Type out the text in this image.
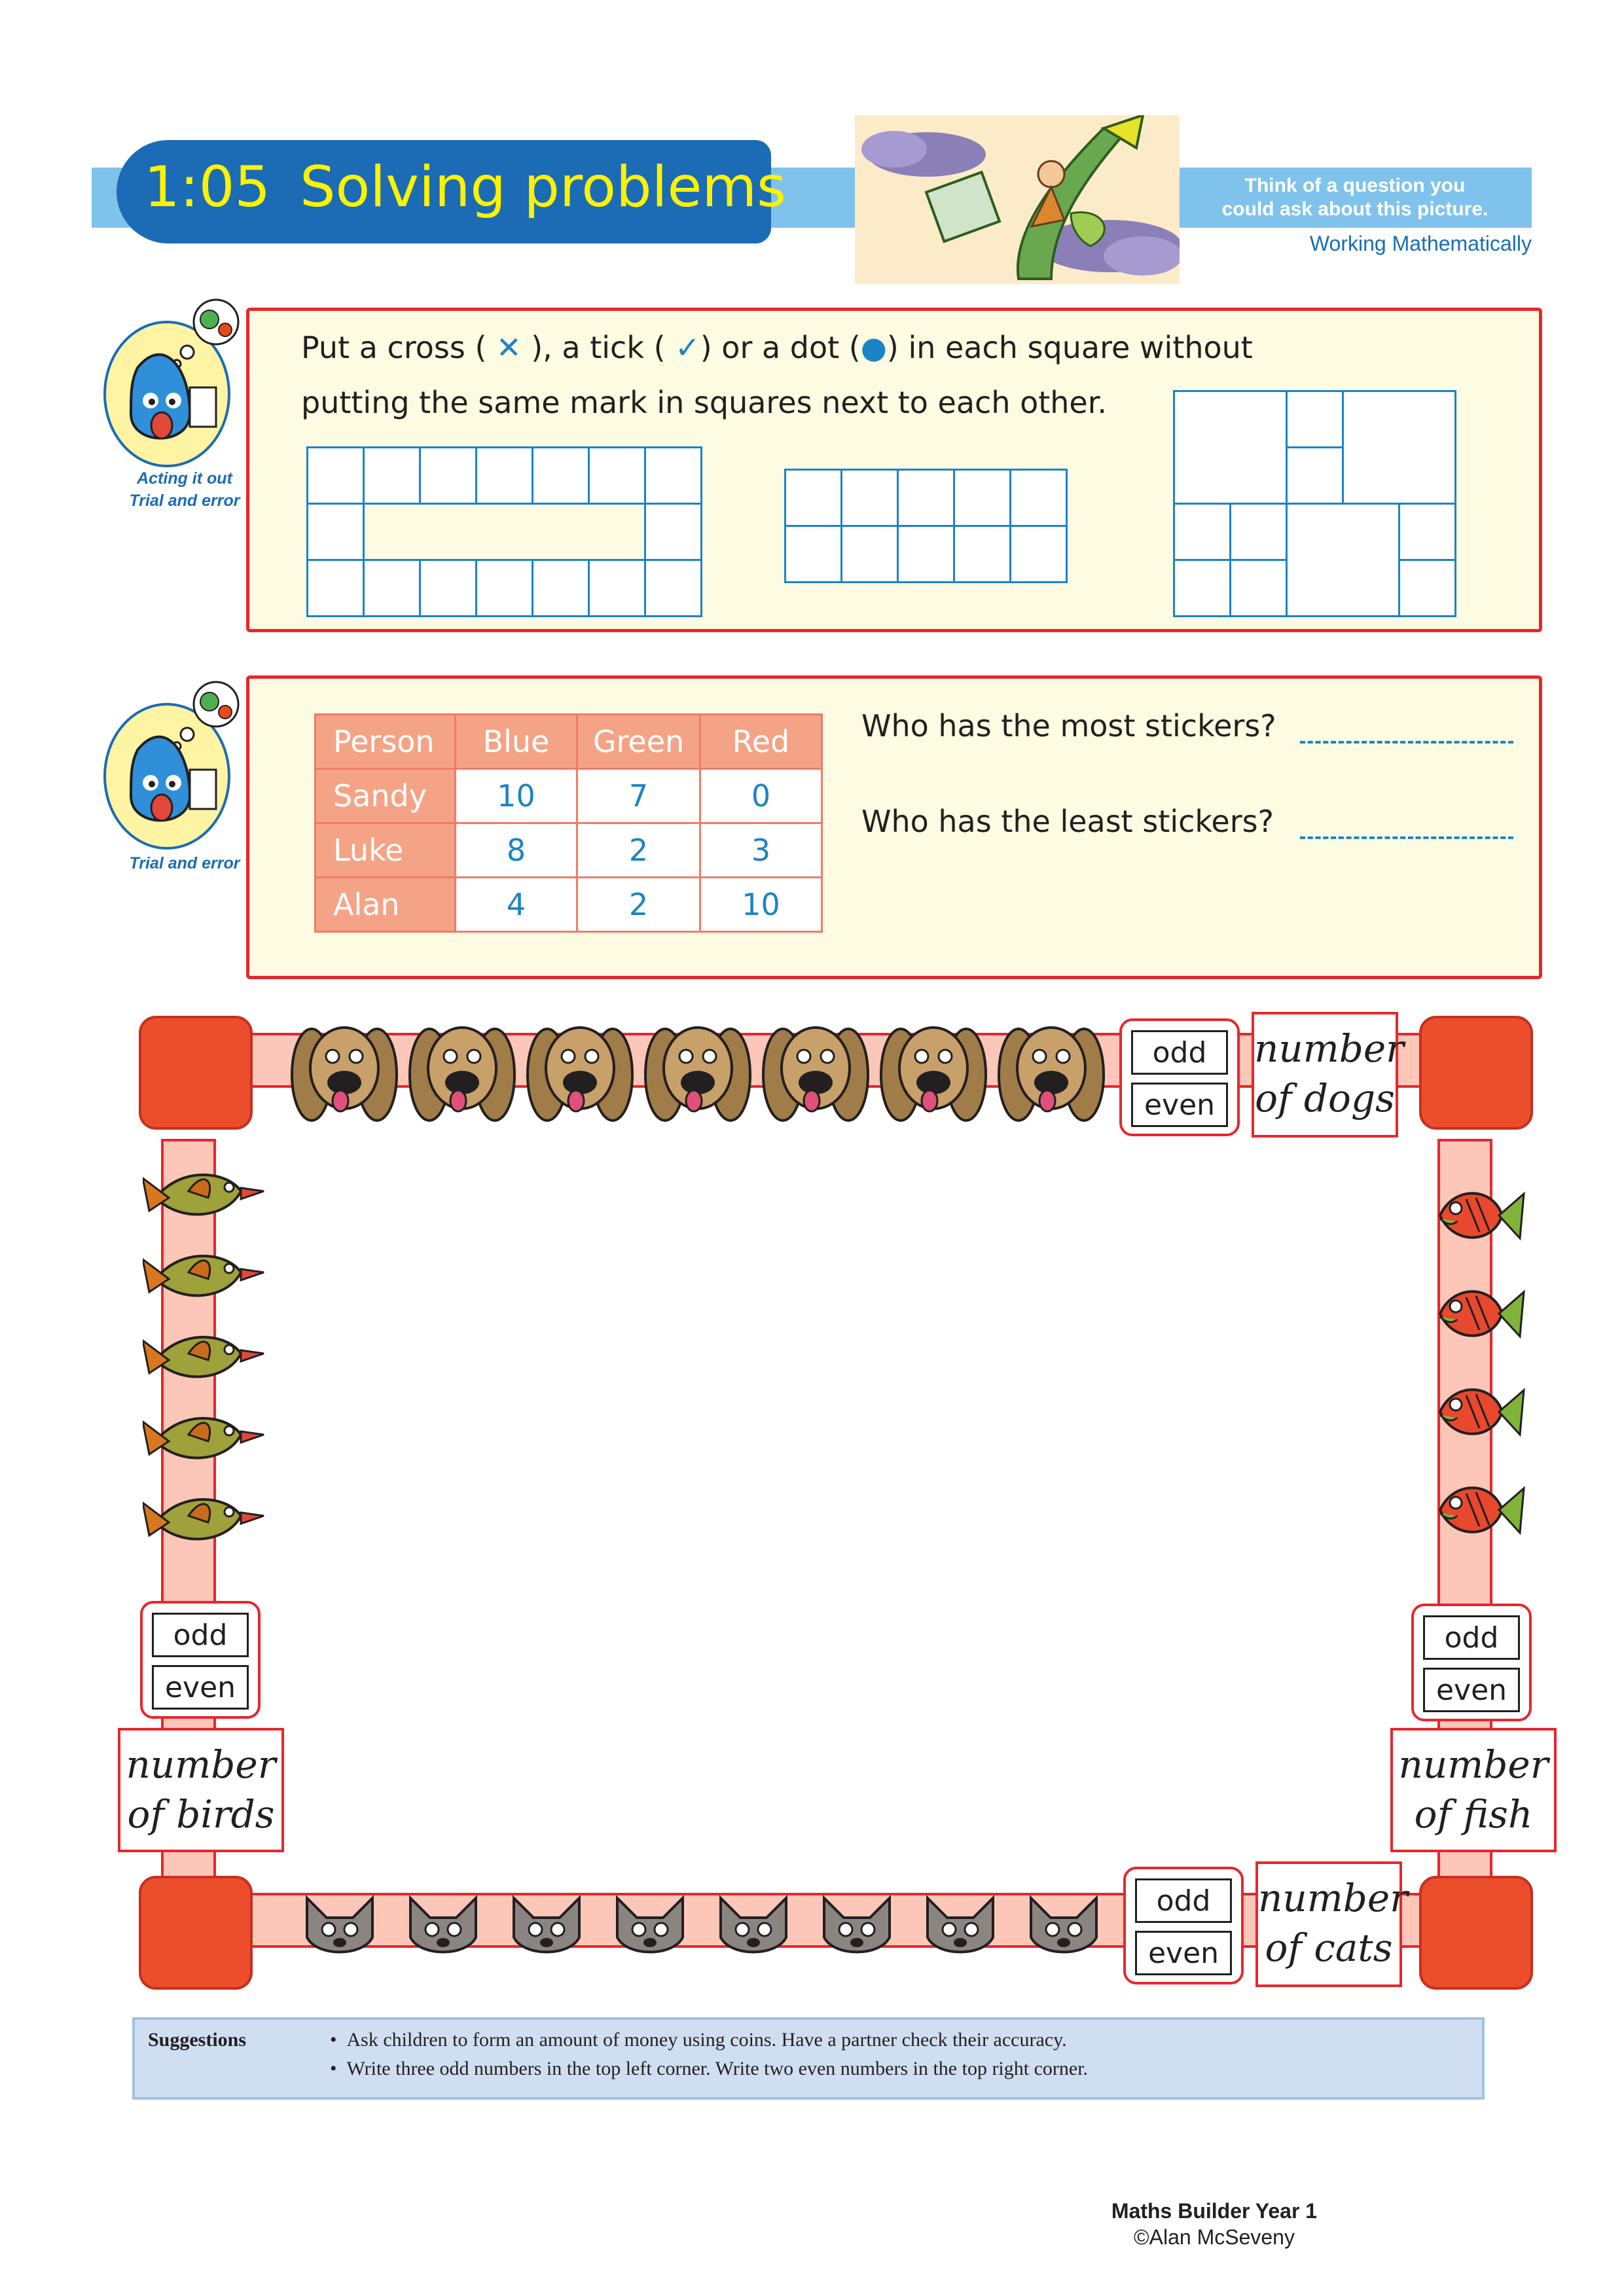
1:05 Solving problems	Think of a question you
could ask about this picture.
Working Mathematically
Acting it out
Trial and error
Put a cross ( ✕ ), a tick ( ✓) or a dot (●) in each square without
putting the same mark in squares next to each other.
Trial and error
Person	Blue	Green	Red
Sandy	10	7	0
Luke	8	2	3
Alan	4	2	10
Who has the most stickers?
Who has the least stickers?
odd
even
number
of dogs
odd
even
number
of birds
odd
even
number
of fish
odd
even
number
of cats
Suggestions	•  Ask children to form an amount of money using coins. Have a partner check their accuracy.
•  Write three odd numbers in the top left corner. Write two even numbers in the top right corner.
Maths Builder Year 1
©Alan McSeveny
